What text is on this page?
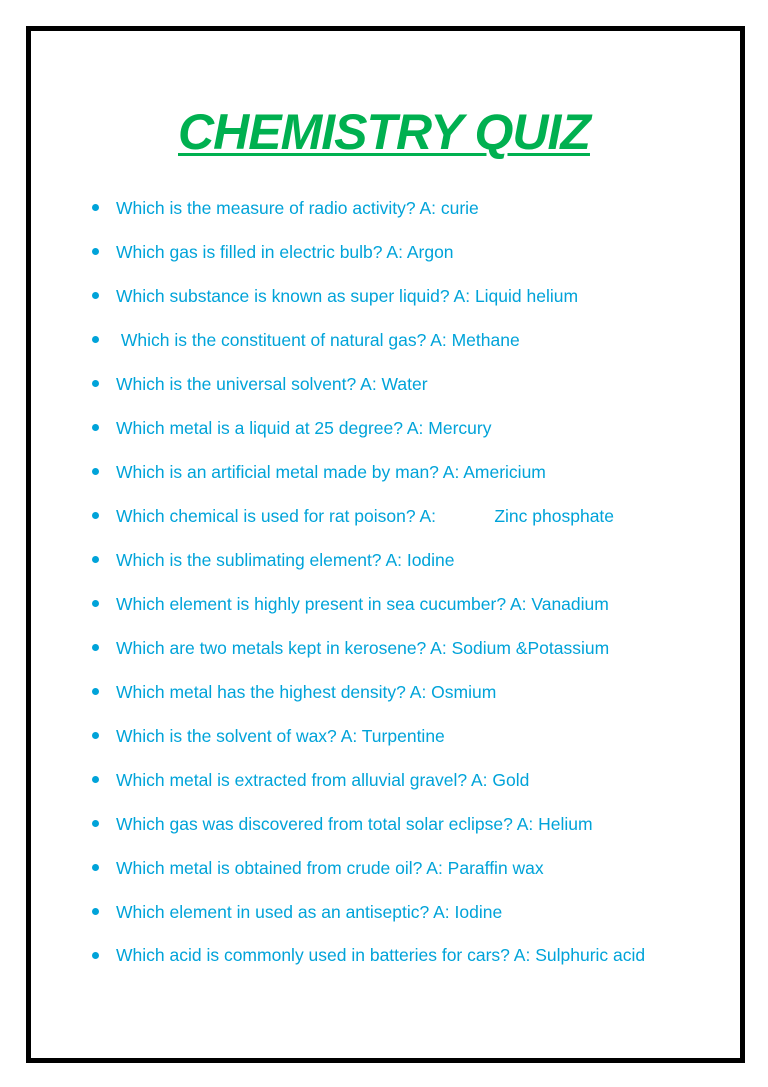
CHEMISTRY QUIZ
Which is the measure of radio activity? A: curie
Which gas is filled in electric bulb? A: Argon
Which substance is known as super liquid? A: Liquid helium
Which is the constituent of natural gas? A: Methane
Which is the universal solvent? A: Water
Which metal is a liquid at 25 degree? A: Mercury
Which is an artificial metal made by man? A: Americium
Which chemical is used for rat poison? A:            Zinc phosphate
Which is the sublimating element? A: Iodine
Which element is highly present in sea cucumber? A: Vanadium
Which are two metals kept in kerosene? A: Sodium &Potassium
Which metal has the highest density? A: Osmium
Which is the solvent of wax? A: Turpentine
Which metal is extracted from alluvial gravel? A: Gold
Which gas was discovered from total solar eclipse? A: Helium
Which metal is obtained from crude oil? A: Paraffin wax
Which element in used as an antiseptic? A: Iodine
Which acid is commonly used in batteries for cars? A: Sulphuric acid
